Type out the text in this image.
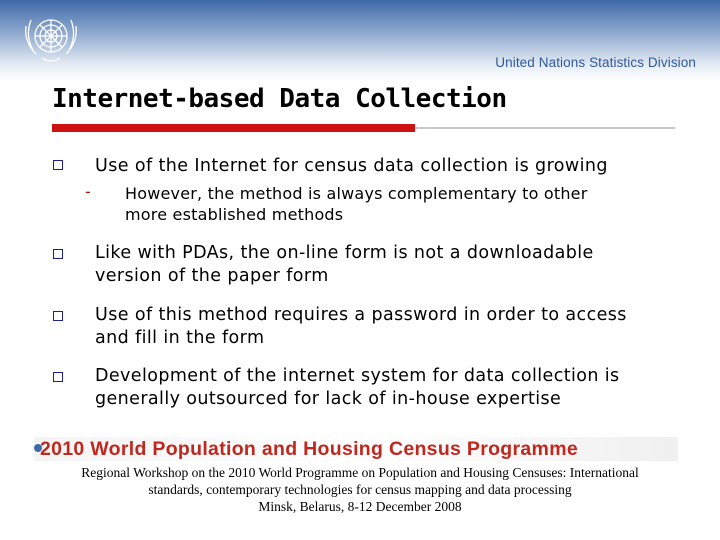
United Nations Statistics Division
Internet-based Data Collection
Use of the Internet for census data collection is growing
- However, the method is always complementary to other
more established methods
Like with PDAs, the on-line form is not a downloadable
version of the paper form
Use of this method requires a password in order to access
and fill in the form
Development of the internet system for data collection is
generally outsourced for lack of in-house expertise
2010 World Population and Housing Census Programme
Regional Workshop on the 2010 World Programme on Population and Housing Censuses: International
standards, contemporary technologies for census mapping and data processing
Minsk, Belarus, 8-12 December 2008
